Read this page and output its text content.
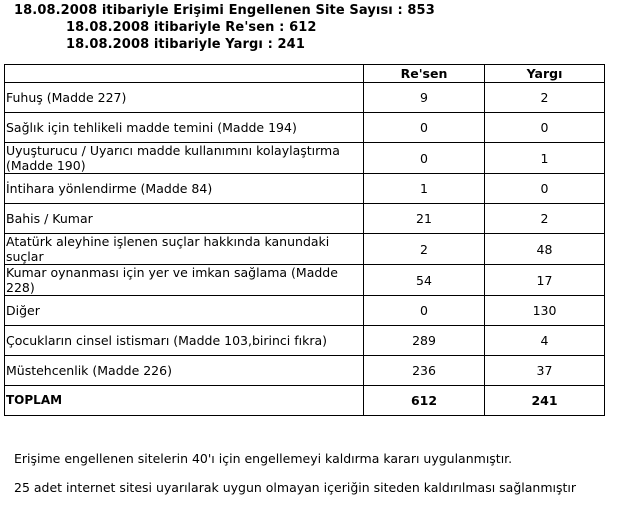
18.08.2008 itibariyle Erişimi Engellenen Site Sayısı : 853
18.08.2008 itibariyle Re'sen : 612
18.08.2008 itibariyle Yargı : 241
	Re'sen	Yargı
Fuhuş (Madde 227)	9	2
Sağlık için tehlikeli madde temini (Madde 194)	0	0
Uyuşturucu / Uyarıcı madde kullanımını kolaylaştırma (Madde 190)	0	1
İntihara yönlendirme (Madde 84)	1	0
Bahis / Kumar	21	2
Atatürk aleyhine işlenen suçlar hakkında kanundaki suçlar	2	48
Kumar oynanması için yer ve imkan sağlama (Madde 228)	54	17
Diğer	0	130
Çocukların cinsel istismarı (Madde 103,birinci fıkra)	289	4
Müstehcenlik (Madde 226)	236	37
TOPLAM	612	241
Erişime engellenen sitelerin 40'ı için engellemeyi kaldırma kararı uygulanmıştır.
25 adet internet sitesi uyarılarak uygun olmayan içeriğin siteden kaldırılması sağlanmıştır
